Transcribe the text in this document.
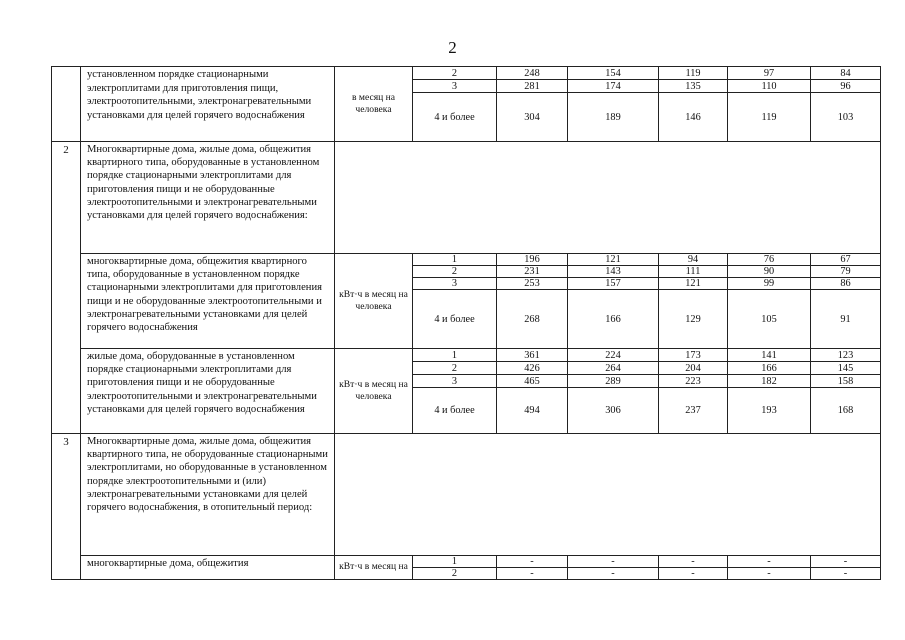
2
	установленном порядке стационарными электроплитами для приготовления пищи, электроотопительными, электронагревательными установками для целей горячего водоснабжения	в месяц на человека	2	248	154	119	97	84
			3	281	174	135	110	96
			4 и более	304	189	146	119	103
2	Многоквартирные дома, жилые дома, общежития квартирного типа, оборудованные в установленном порядке стационарными электроплитами для приготовления пищи и не оборудованные электроотопительными и электронагревательными установками для целей горячего водоснабжения:							
	многоквартирные дома, общежития квартирного типа, оборудованные в установленном порядке стационарными электроплитами для приготовления пищи и не оборудованные электроотопительными и электронагревательными установками для целей горячего водоснабжения	кВт·ч в месяц на человека	1	196	121	94	76	67
			2	231	143	111	90	79
			3	253	157	121	99	86
			4 и более	268	166	129	105	91
	жилые дома, оборудованные в установленном порядке стационарными электроплитами для приготовления пищи и не оборудованные электроотопительными и электронагревательными установками для целей горячего водоснабжения	кВт·ч в месяц на человека	1	361	224	173	141	123
			2	426	264	204	166	145
			3	465	289	223	182	158
			4 и более	494	306	237	193	168
3	Многоквартирные дома, жилые дома, общежития квартирного типа, не оборудованные стационарными электроплитами, но оборудованные в установленном порядке электроотопительными и (или) электронагревательными установками для целей горячего водоснабжения, в отопительный период:							
	многоквартирные дома, общежития	кВт·ч в месяц на	1	-	-	-	-	-
			2	-	-	-	-	-
